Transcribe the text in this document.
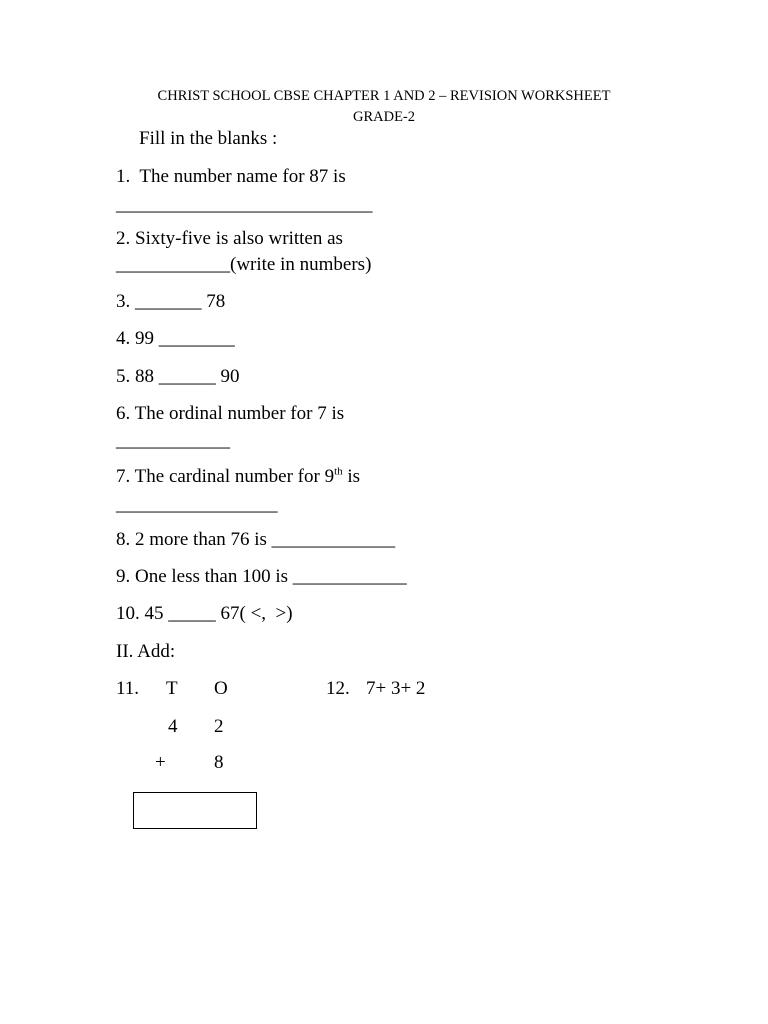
CHRIST SCHOOL CBSE CHAPTER 1 AND 2 – REVISION WORKSHEET
GRADE-2
Fill in the blanks :
1.  The number name for 87 is
___________________________
2. Sixty-five is also written as
____________(write in numbers)
3. _______ 78
4. 99 ________
5. 88 ______ 90
6. The ordinal number for 7 is
____________
7. The cardinal number for 9th is
_________________
8. 2 more than 76 is _____________
9. One less than 100 is ____________
10. 45 _____ 67( <,  >)
II. Add:
11. T O	12. 7+ 3+ 2
4 2
+	8
